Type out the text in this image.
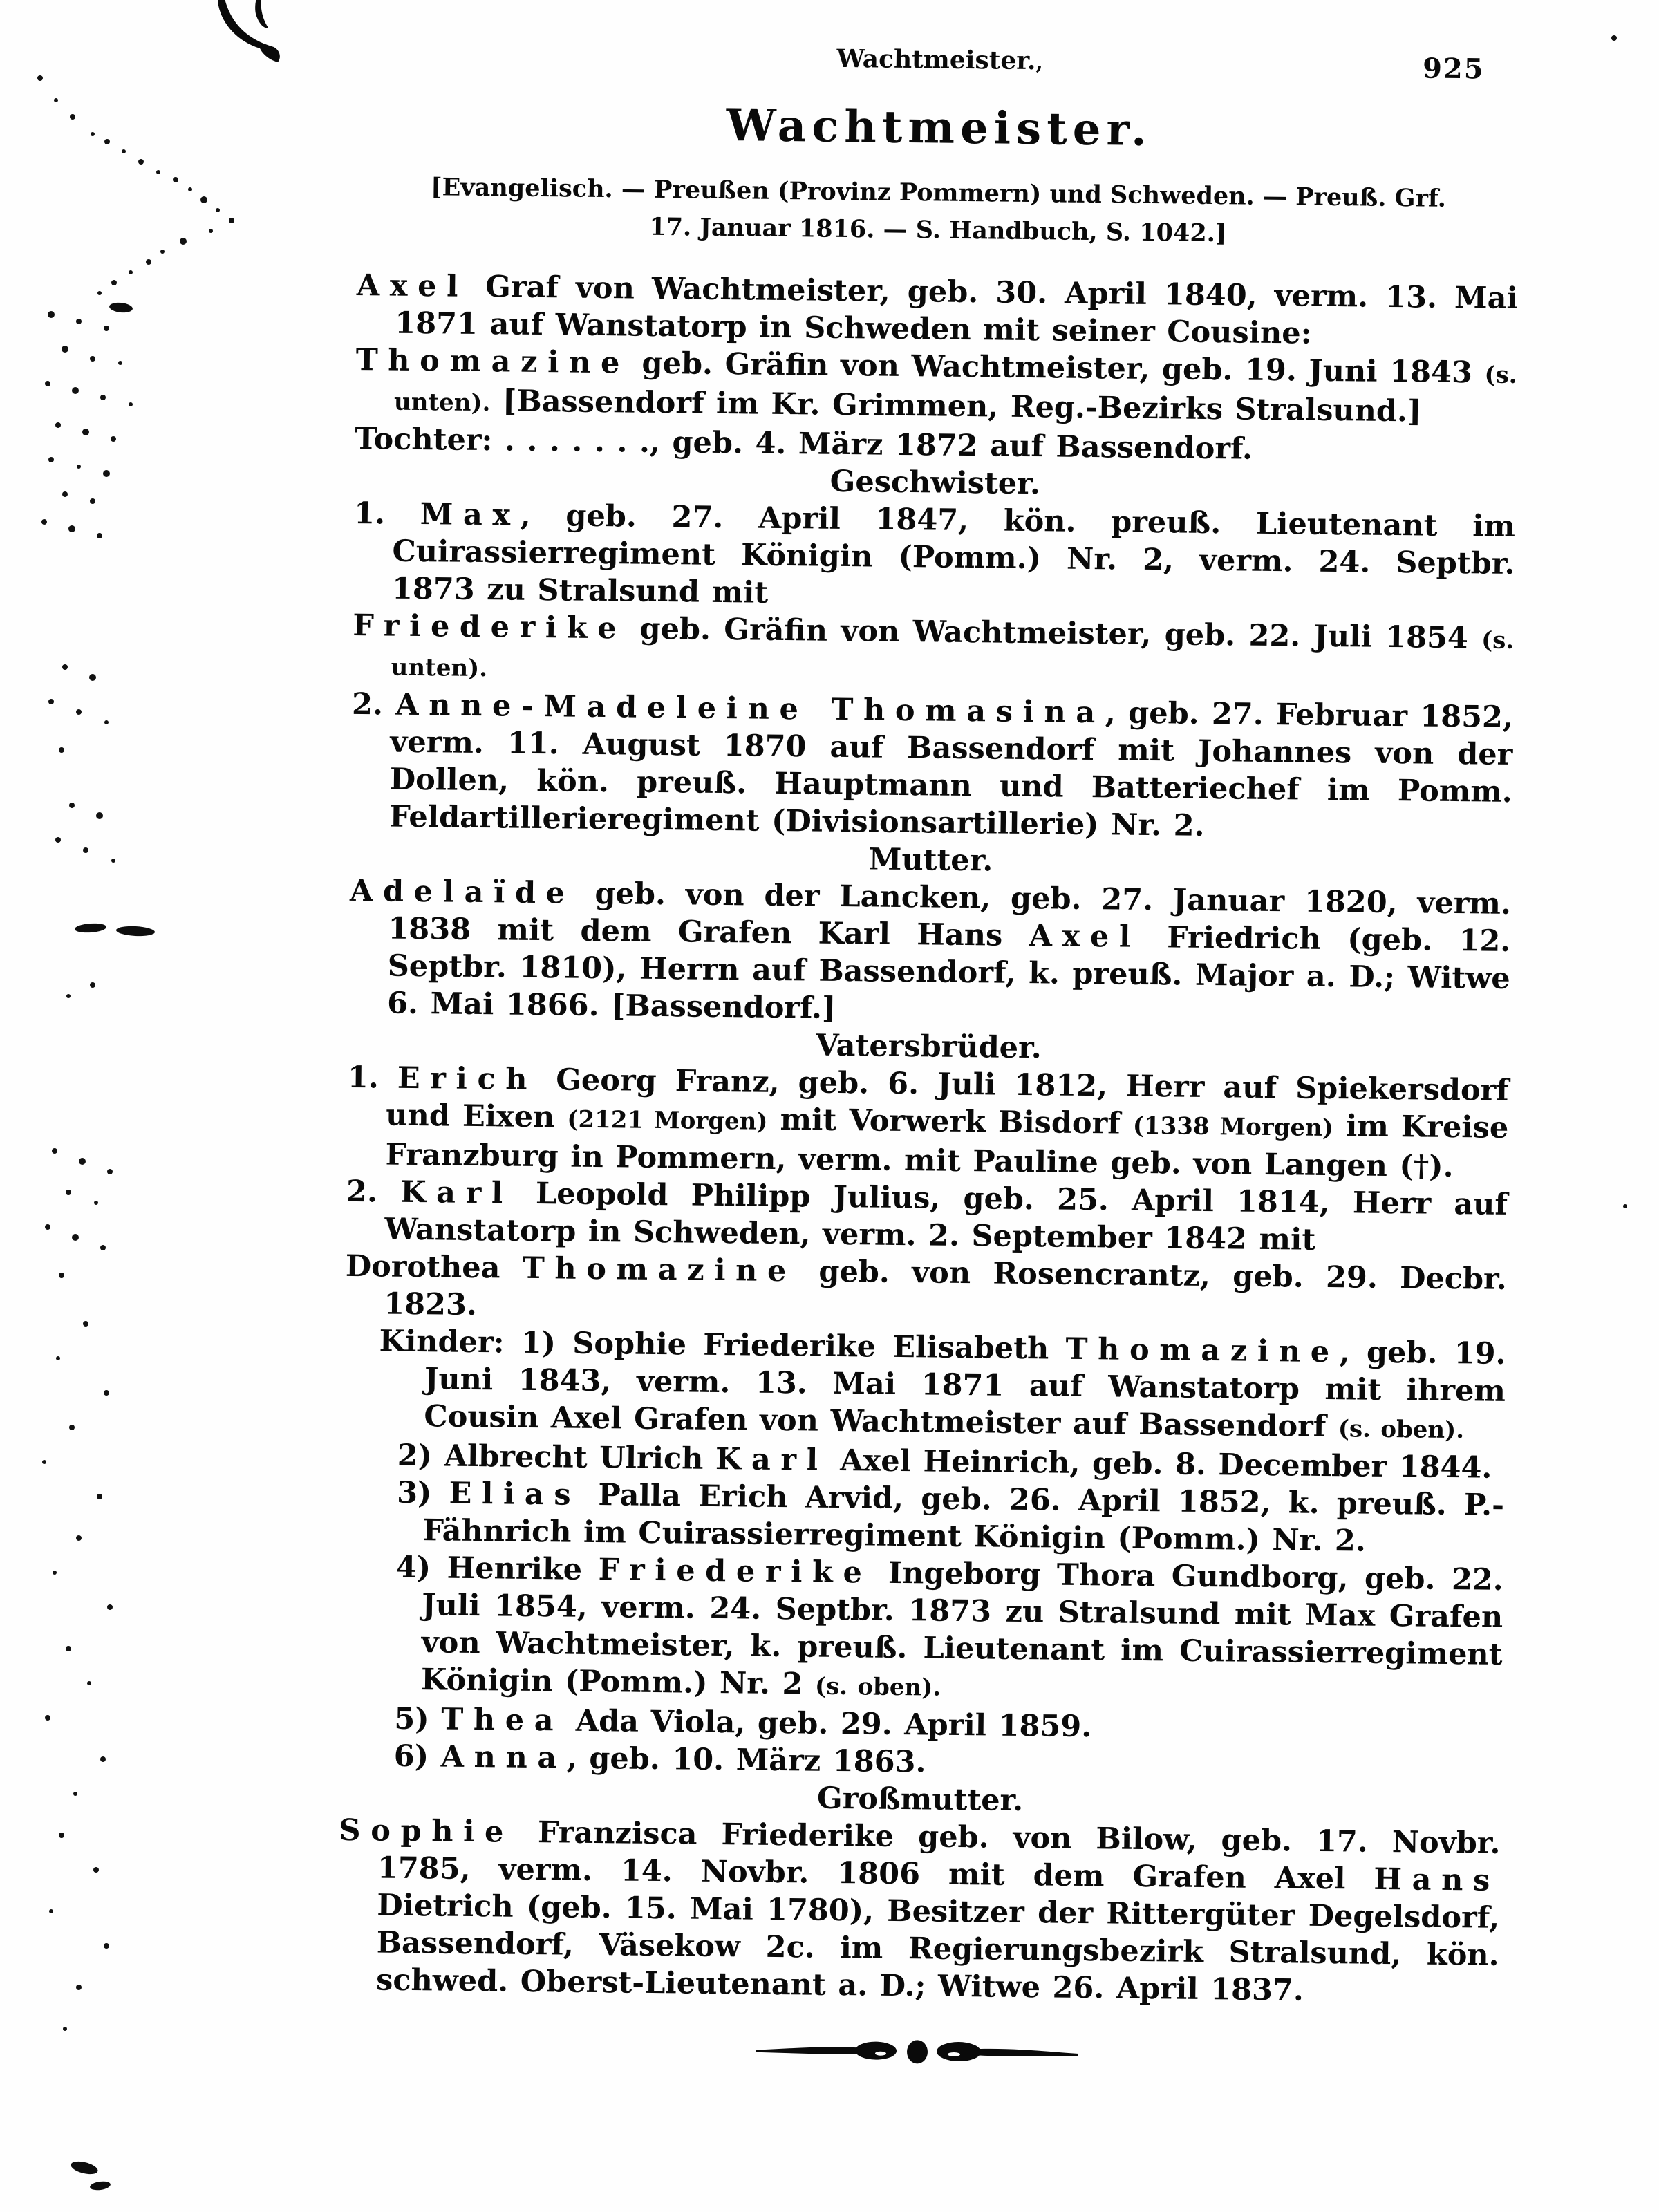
Wachtmeister.,	925
Wachtmeister.
[Evangelisch. — Preußen (Provinz Pommern) und Schweden. — Preuß. Grf.
17. Januar 1816. — S. Handbuch, S. 1042.]
Axel Graf von Wachtmeister, geb. 30. April 1840, verm. 13. Mai 1871 auf Wanstatorp in Schweden mit seiner Cousine:
Thomazine geb. Gräfin von Wachtmeister, geb. 19. Juni 1843 (s. unten). [Bassendorf im Kr. Grimmen, Reg.-Bezirks Stralsund.]
Tochter: . . . . . . ., geb. 4. März 1872 auf Bassendorf.
Geschwister.
1. Max, geb. 27. April 1847, kön. preuß. Lieutenant im Cuirassierregiment Königin (Pomm.) Nr. 2, verm. 24. Septbr. 1873 zu Stralsund mit
Friederike geb. Gräfin von Wachtmeister, geb. 22. Juli 1854 (s. unten).
2. Anne-Madeleine Thomasina, geb. 27. Februar 1852, verm. 11. August 1870 auf Bassendorf mit Johannes von der Dollen, kön. preuß. Hauptmann und Batteriechef im Pomm. Feldartillerieregiment (Divisionsartillerie) Nr. 2.
Mutter.
Adelaïde geb. von der Lancken, geb. 27. Januar 1820, verm. 1838 mit dem Grafen Karl Hans Axel Friedrich (geb. 12. Septbr. 1810), Herrn auf Bassendorf, k. preuß. Major a. D.; Witwe 6. Mai 1866. [Bassendorf.]
Vatersbrüder.
1. Erich Georg Franz, geb. 6. Juli 1812, Herr auf Spiekersdorf und Eixen (2121 Morgen) mit Vorwerk Bisdorf (1338 Morgen) im Kreise Franzburg in Pommern, verm. mit Pauline geb. von Langen (†).
2. Karl Leopold Philipp Julius, geb. 25. April 1814, Herr auf Wanstatorp in Schweden, verm. 2. September 1842 mit
Dorothea Thomazine geb. von Rosencrantz, geb. 29. Decbr. 1823.
Kinder: 1) Sophie Friederike Elisabeth Thomazine, geb. 19. Juni 1843, verm. 13. Mai 1871 auf Wanstatorp mit ihrem Cousin Axel Grafen von Wachtmeister auf Bassendorf (s. oben).
2) Albrecht Ulrich Karl Axel Heinrich, geb. 8. December 1844.
3) Elias Palla Erich Arvid, geb. 26. April 1852, k. preuß. P.-Fähnrich im Cuirassierregiment Königin (Pomm.) Nr. 2.
4) Henrike Friederike Ingeborg Thora Gundborg, geb. 22. Juli 1854, verm. 24. Septbr. 1873 zu Stralsund mit Max Grafen von Wachtmeister, k. preuß. Lieutenant im Cuirassierregiment Königin (Pomm.) Nr. 2 (s. oben).
5) Thea Ada Viola, geb. 29. April 1859.
6) Anna, geb. 10. März 1863.
Großmutter.
Sophie Franzisca Friederike geb. von Bilow, geb. 17. Novbr. 1785, verm. 14. Novbr. 1806 mit dem Grafen Axel Hans Dietrich (geb. 15. Mai 1780), Besitzer der Rittergüter Degelsdorf, Bassendorf, Väsekow 2c. im Regierungsbezirk Stralsund, kön. schwed. Oberst-Lieutenant a. D.; Witwe 26. April 1837.
